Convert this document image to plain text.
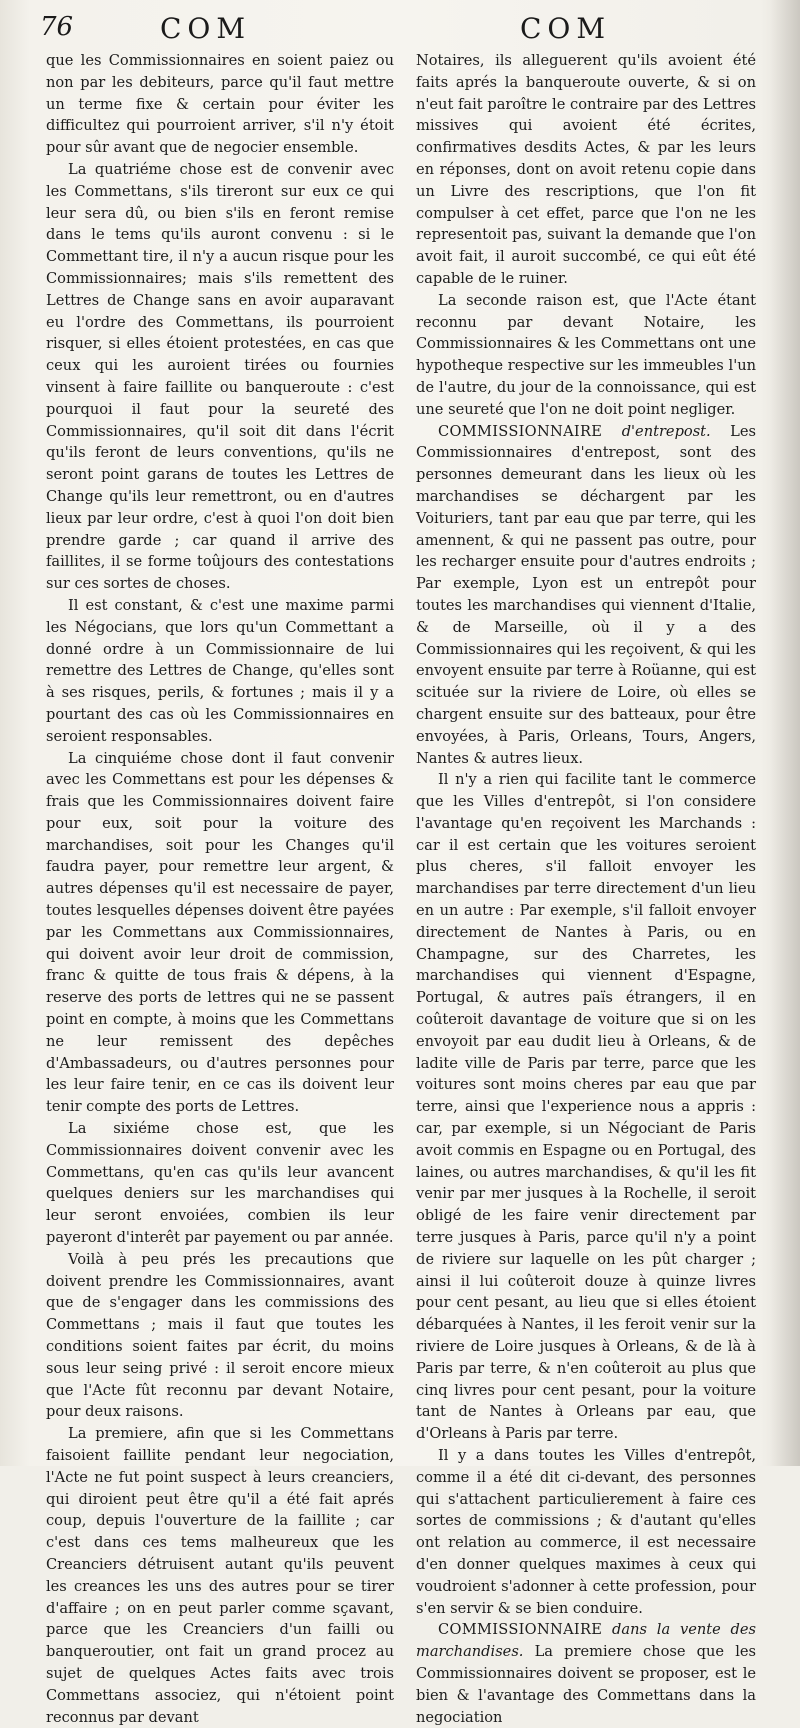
76	COM	COM

que les Commissionnaires en soient paiez ou non par les debiteurs, parce qu'il faut mettre un terme fixe & certain pour éviter les difficultez qui pourroient arriver, s'il n'y étoit pour sûr avant que de negocier ensemble.

La quatriéme chose est de convenir avec les Commettans, s'ils tireront sur eux ce qui leur sera dû, ou bien s'ils en feront remise dans le tems qu'ils auront convenu : si le Commettant tire, il n'y a aucun risque pour les Commissionnaires; mais s'ils remettent des Lettres de Change sans en avoir auparavant eu l'ordre des Commettans, ils pourroient risquer, si elles étoient protestées, en cas que ceux qui les auroient tirées ou fournies vinsent à faire faillite ou banqueroute : c'est pourquoi il faut pour la seureté des Commissionnaires, qu'il soit dit dans l'écrit qu'ils feront de leurs conventions, qu'ils ne seront point garans de toutes les Lettres de Change qu'ils leur remettront, ou en d'autres lieux par leur ordre, c'est à quoi l'on doit bien prendre garde ; car quand il arrive des faillites, il se forme toûjours des contestations sur ces sortes de choses.

Il est constant, & c'est une maxime parmi les Négocians, que lors qu'un Commettant a donné ordre à un Commissionnaire de lui remettre des Lettres de Change, qu'elles sont à ses risques, perils, & fortunes ; mais il y a pourtant des cas où les Commissionnaires en seroient responsables.

La cinquiéme chose dont il faut convenir avec les Commettans est pour les dépenses & frais que les Commissionnaires doivent faire pour eux, soit pour la voiture des marchandises, soit pour les Changes qu'il faudra payer, pour remettre leur argent, & autres dépenses qu'il est necessaire de payer, toutes lesquelles dépenses doivent être payées par les Commettans aux Commissionnaires, qui doivent avoir leur droit de commission, franc & quitte de tous frais & dépens, à la reserve des ports de lettres qui ne se passent point en compte, à moins que les Commettans ne leur remissent des depêches d'Ambassadeurs, ou d'autres personnes pour les leur faire tenir, en ce cas ils doivent leur tenir compte des ports de Lettres.

La sixiéme chose est, que les Commissionnaires doivent convenir avec les Commettans, qu'en cas qu'ils leur avancent quelques deniers sur les marchandises qui leur seront envoiées, combien ils leur payeront d'interêt par payement ou par année.

Voilà à peu prés les precautions que doivent prendre les Commissionnaires, avant que de s'engager dans les commissions des Commettans ; mais il faut que toutes les conditions soient faites par écrit, du moins sous leur seing privé : il seroit encore mieux que l'Acte fût reconnu par devant Notaire, pour deux raisons.

La premiere, afin que si les Commettans faisoient faillite pendant leur negociation, l'Acte ne fut point suspect à leurs creanciers, qui diroient peut être qu'il a été fait aprés coup, depuis l'ouverture de la faillite ; car c'est dans ces tems malheureux que les Creanciers détruisent autant qu'ils peuvent les creances les uns des autres pour se tirer d'affaire ; on en peut parler comme sçavant, parce que les Creanciers d'un failli ou banqueroutier, ont fait un grand procez au sujet de quelques Actes faits avec trois Commettans associez, qui n'étoient point reconnus par devant

Notaires, ils alleguerent qu'ils avoient été faits aprés la banqueroute ouverte, & si on n'eut fait paroître le contraire par des Lettres missives qui avoient été écrites, confirmatives desdits Actes, & par les leurs en réponses, dont on avoit retenu copie dans un Livre des rescriptions, que l'on fit compulser à cet effet, parce que l'on ne les representoit pas, suivant la demande que l'on avoit fait, il auroit succombé, ce qui eût été capable de le ruiner.

La seconde raison est, que l'Acte étant reconnu par devant Notaire, les Commissionnaires & les Commettans ont une hypotheque respective sur les immeubles l'un de l'autre, du jour de la connoissance, qui est une seureté que l'on ne doit point negliger.

COMMISSIONNAIRE d'entrepost. Les Commissionnaires d'entrepost, sont des personnes demeurant dans les lieux où les marchandises se déchargent par les Voituriers, tant par eau que par terre, qui les amennent, & qui ne passent pas outre, pour les recharger ensuite pour d'autres endroits ; Par exemple, Lyon est un entrepôt pour toutes les marchandises qui viennent d'Italie, & de Marseille, où il y a des Commissionnaires qui les reçoivent, & qui les envoyent ensuite par terre à Roüanne, qui est scituée sur la riviere de Loire, où elles se chargent ensuite sur des batteaux, pour être envoyées, à Paris, Orleans, Tours, Angers, Nantes & autres lieux.

Il n'y a rien qui facilite tant le commerce que les Villes d'entrepôt, si l'on considere l'avantage qu'en reçoivent les Marchands : car il est certain que les voitures seroient plus cheres, s'il falloit envoyer les marchandises par terre directement d'un lieu en un autre : Par exemple, s'il falloit envoyer directement de Nantes à Paris, ou en Champagne, sur des Charretes, les marchandises qui viennent d'Espagne, Portugal, & autres païs étrangers, il en coûteroit davantage de voiture que si on les envoyoit par eau dudit lieu à Orleans, & de ladite ville de Paris par terre, parce que les voitures sont moins cheres par eau que par terre, ainsi que l'experience nous a appris : car, par exemple, si un Négociant de Paris avoit commis en Espagne ou en Portugal, des laines, ou autres marchandises, & qu'il les fit venir par mer jusques à la Rochelle, il seroit obligé de les faire venir directement par terre jusques à Paris, parce qu'il n'y a point de riviere sur laquelle on les pût charger ; ainsi il lui coûteroit douze à quinze livres pour cent pesant, au lieu que si elles étoient débarquées à Nantes, il les feroit venir sur la riviere de Loire jusques à Orleans, & de là à Paris par terre, & n'en coûteroit au plus que cinq livres pour cent pesant, pour la voiture tant de Nantes à Orleans par eau, que d'Orleans à Paris par terre.

Il y a dans toutes les Villes d'entrepôt, comme il a été dit ci-devant, des personnes qui s'attachent particulierement à faire ces sortes de commissions ; & d'autant qu'elles ont relation au commerce, il est necessaire d'en donner quelques maximes à ceux qui voudroient s'adonner à cette profession, pour s'en servir & se bien conduire.

COMMISSIONNAIRE dans la vente des marchandises. La premiere chose que les Commissionnaires doivent se proposer, est le bien & l'avantage des Commettans dans la negociation
